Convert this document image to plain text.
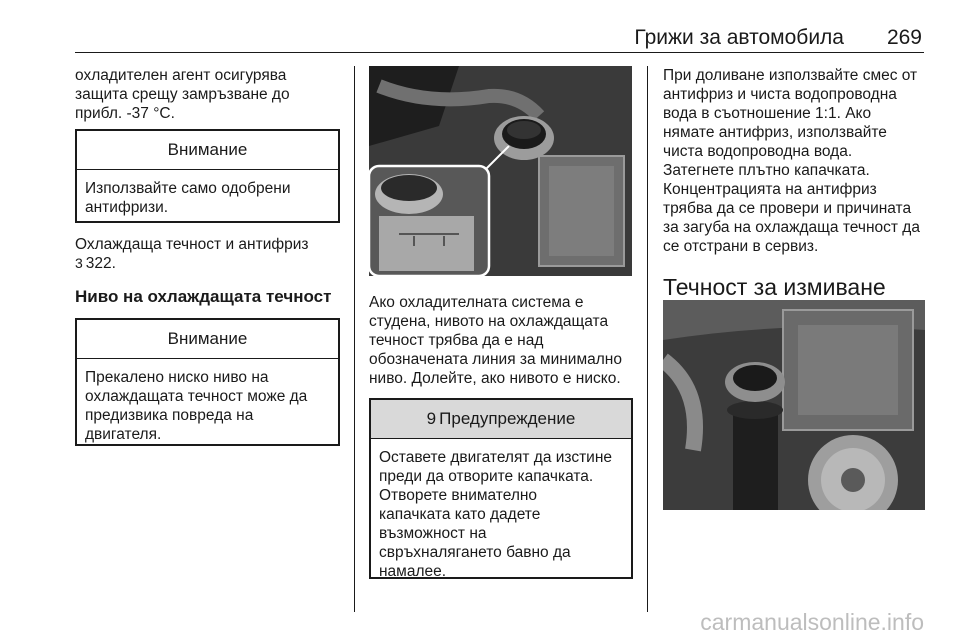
Грижи за автомобила 269

охладителен агент осигурява
защита срещу замръзване до
прибл. -37 °C.

Внимание
Използвайте само одобрени
антифризи.

Охлаждаща течност и антифриз
3 322.

Ниво на охлаждащата течност

Внимание
Прекалено ниско ниво на
охлаждащата течност може да
предизвика повреда на
двигателя.

Ако охладителната система е
студена, нивото на охлаждащата
течност трябва да е над
обозначената линия за минимално
ниво. Долейте, ако нивото е ниско.

9 Предупреждение
Оставете двигателят да изстине
преди да отворите капачката.
Отворете внимателно
капачката като дадете
възможност на
свръхналягането бавно да
намалее.

При доливане използвайте смес от
антифриз и чиста водопроводна
вода в съотношение 1:1. Ако
нямате антифриз, използвайте
чиста водопроводна вода.
Затегнете плътно капачката.
Концентрацията на антифриз
трябва да се провери и причината
за загуба на охлаждаща течност да
се отстрани в сервиз.

Течност за измиване

carmanualsonline.info
